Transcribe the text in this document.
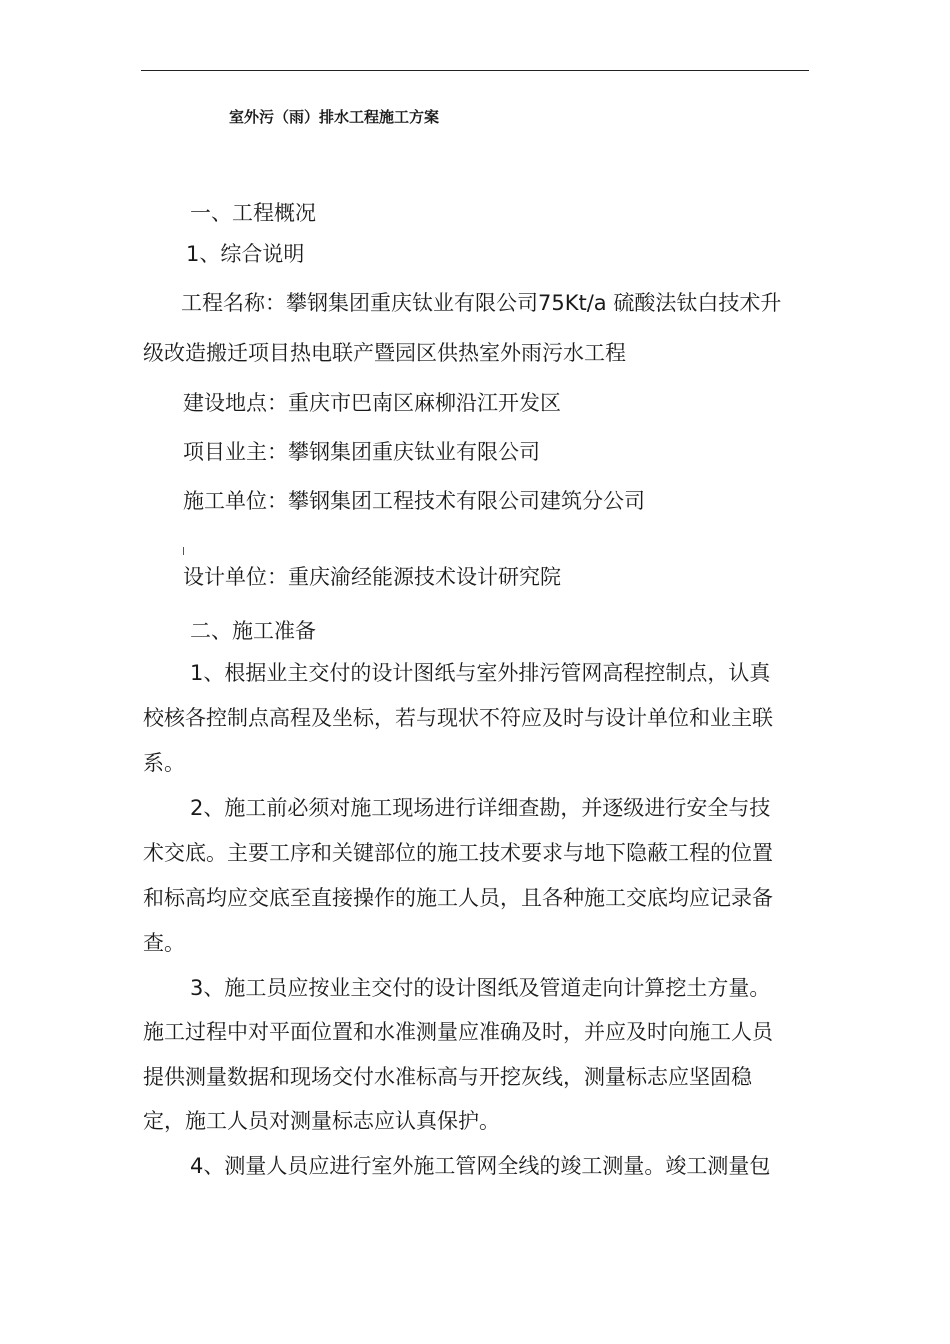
室外污（雨）排水工程施工方案
一、工程概况
1、综合说明
工程名称：攀钢集团重庆钛业有限公司75Kt/a 硫酸法钛白技术升
级改造搬迁项目热电联产暨园区供热室外雨污水工程
建设地点：重庆市巴南区麻柳沿江开发区
项目业主：攀钢集团重庆钛业有限公司
施工单位：攀钢集团工程技术有限公司建筑分公司
设计单位：重庆渝经能源技术设计研究院
二、施工准备
1、根据业主交付的设计图纸与室外排污管网高程控制点，认真
校核各控制点高程及坐标，若与现状不符应及时与设计单位和业主联
系。
2、施工前必须对施工现场进行详细查勘，并逐级进行安全与技
术交底。主要工序和关键部位的施工技术要求与地下隐蔽工程的位置
和标高均应交底至直接操作的施工人员，且各种施工交底均应记录备
查。
3、施工员应按业主交付的设计图纸及管道走向计算挖土方量。
施工过程中对平面位置和水准测量应准确及时，并应及时向施工人员
提供测量数据和现场交付水准标高与开挖灰线，测量标志应坚固稳
定，施工人员对测量标志应认真保护。
4、测量人员应进行室外施工管网全线的竣工测量。竣工测量包
